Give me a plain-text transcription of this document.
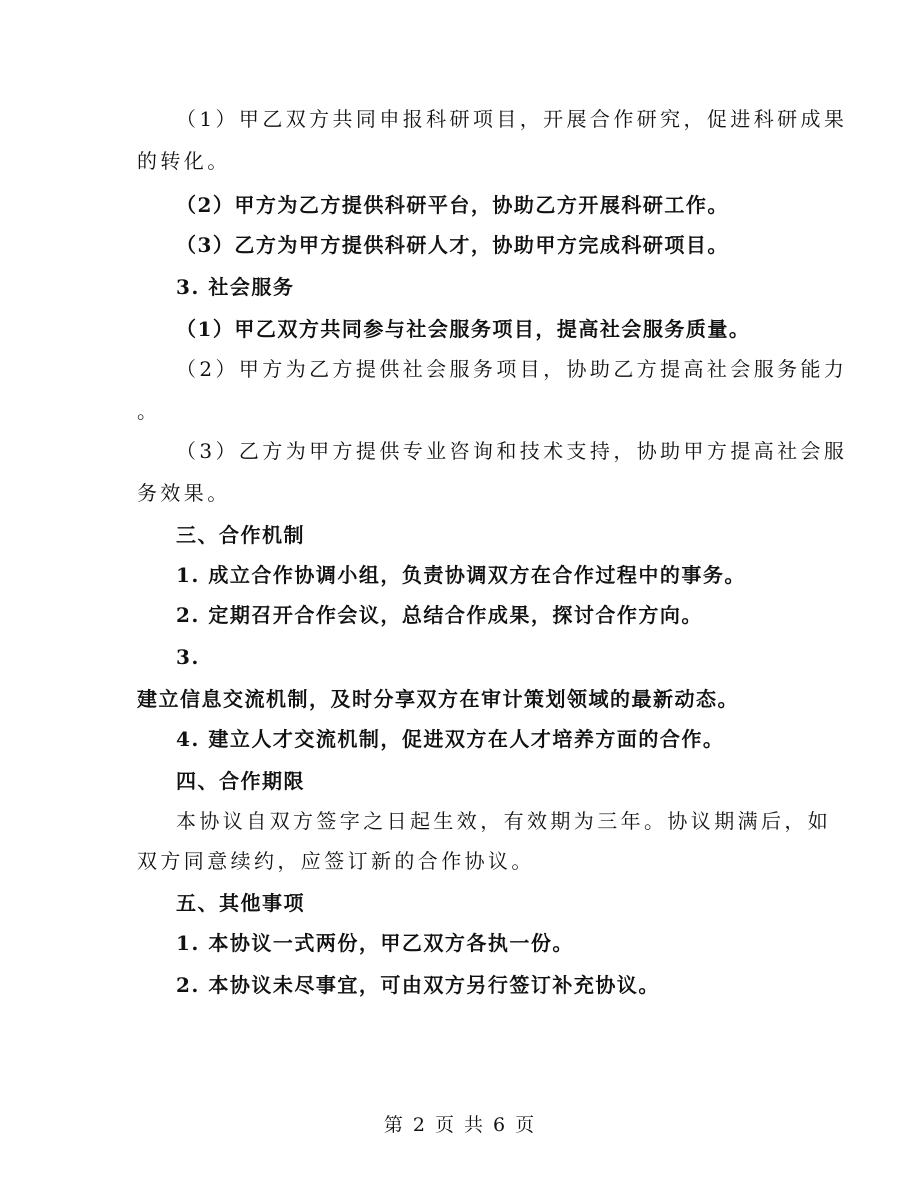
（1）甲乙双方共同申报科研项目，开展合作研究，促进科研成果
的转化。
（2）甲方为乙方提供科研平台，协助乙方开展科研工作。
（3）乙方为甲方提供科研人才，协助甲方完成科研项目。
3. 社会服务
（1）甲乙双方共同参与社会服务项目，提高社会服务质量。
（2）甲方为乙方提供社会服务项目，协助乙方提高社会服务能力
。
（3）乙方为甲方提供专业咨询和技术支持，协助甲方提高社会服
务效果。
三、合作机制
1. 成立合作协调小组，负责协调双方在合作过程中的事务。
2. 定期召开合作会议，总结合作成果，探讨合作方向。
3.
建立信息交流机制，及时分享双方在审计策划领域的最新动态。
4. 建立人才交流机制，促进双方在人才培养方面的合作。
四、合作期限
本协议自双方签字之日起生效，有效期为三年。协议期满后，如
双方同意续约，应签订新的合作协议。
五、其他事项
1. 本协议一式两份，甲乙双方各执一份。
2. 本协议未尽事宜，可由双方另行签订补充协议。
第 2 页 共 6 页
